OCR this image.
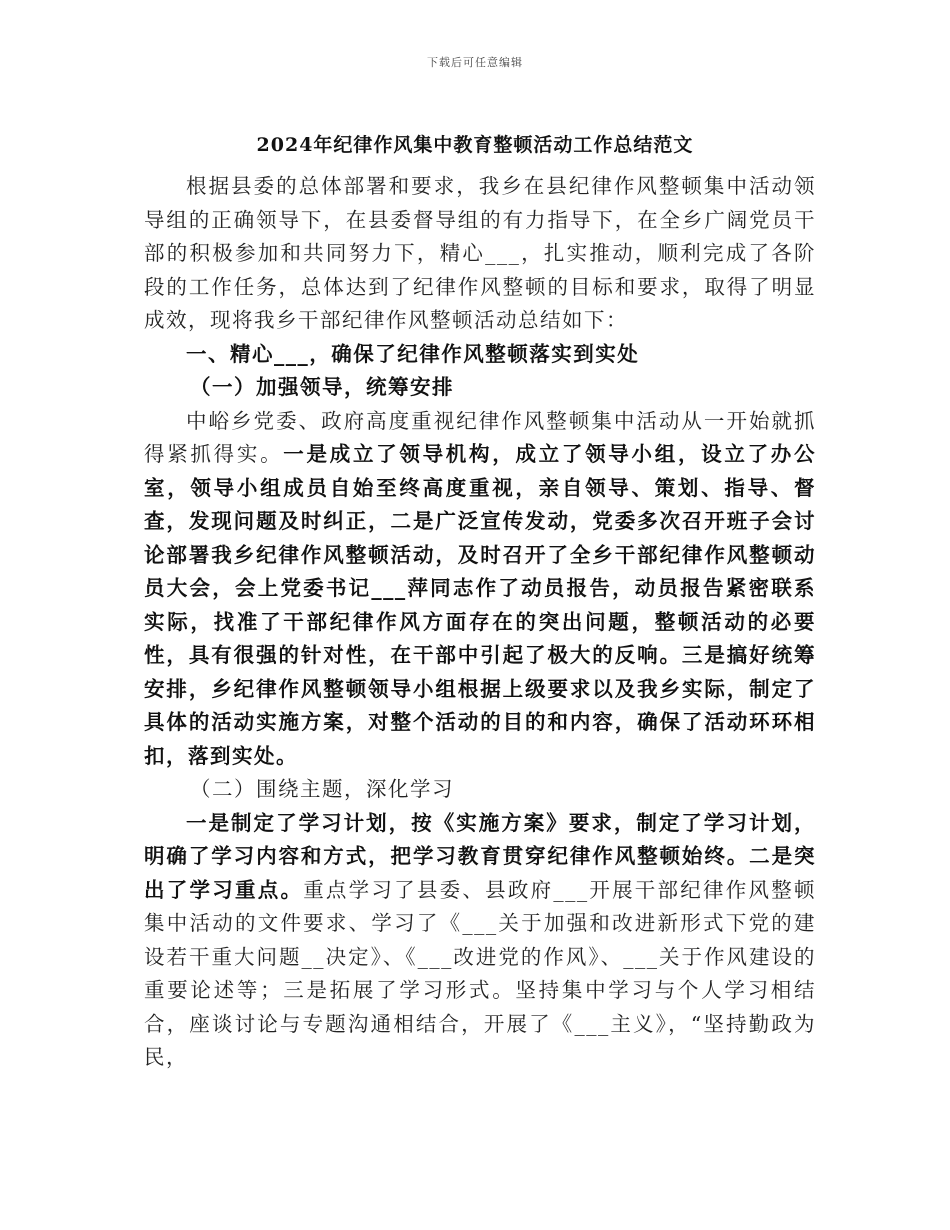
下载后可任意编辑
2024年纪律作风集中教育整顿活动工作总结范文

根据县委的总体部署和要求，我乡在县纪律作风整顿集中活动领导组的正确领导下，在县委督导组的有力指导下，在全乡广阔党员干部的积极参加和共同努力下，精心___，扎实推动，顺利完成了各阶段的工作任务，总体达到了纪律作风整顿的目标和要求，取得了明显成效，现将我乡干部纪律作风整顿活动总结如下：

一、精心___，确保了纪律作风整顿落实到实处

（一）加强领导，统筹安排

中峪乡党委、政府高度重视纪律作风整顿集中活动从一开始就抓得紧抓得实。一是成立了领导机构，成立了领导小组，设立了办公室，领导小组成员自始至终高度重视，亲自领导、策划、指导、督查，发现问题及时纠正，二是广泛宣传发动，党委多次召开班子会讨论部署我乡纪律作风整顿活动，及时召开了全乡干部纪律作风整顿动员大会，会上党委书记___萍同志作了动员报告，动员报告紧密联系实际，找准了干部纪律作风方面存在的突出问题，整顿活动的必要性，具有很强的针对性，在干部中引起了极大的反响。三是搞好统筹安排，乡纪律作风整顿领导小组根据上级要求以及我乡实际，制定了具体的活动实施方案，对整个活动的目的和内容，确保了活动环环相扣，落到实处。

（二）围绕主题，深化学习

一是制定了学习计划，按《实施方案》要求，制定了学习计划，明确了学习内容和方式，把学习教育贯穿纪律作风整顿始终。二是突出了学习重点。重点学习了县委、县政府___开展干部纪律作风整顿集中活动的文件要求、学习了《___关于加强和改进新形式下党的建设若干重大问题__决定》、《___改进党的作风》、___关于作风建设的重要论述等；三是拓展了学习形式。坚持集中学习与个人学习相结合，座谈讨论与专题沟通相结合，开展了《___主义》，“坚持勤政为民，
